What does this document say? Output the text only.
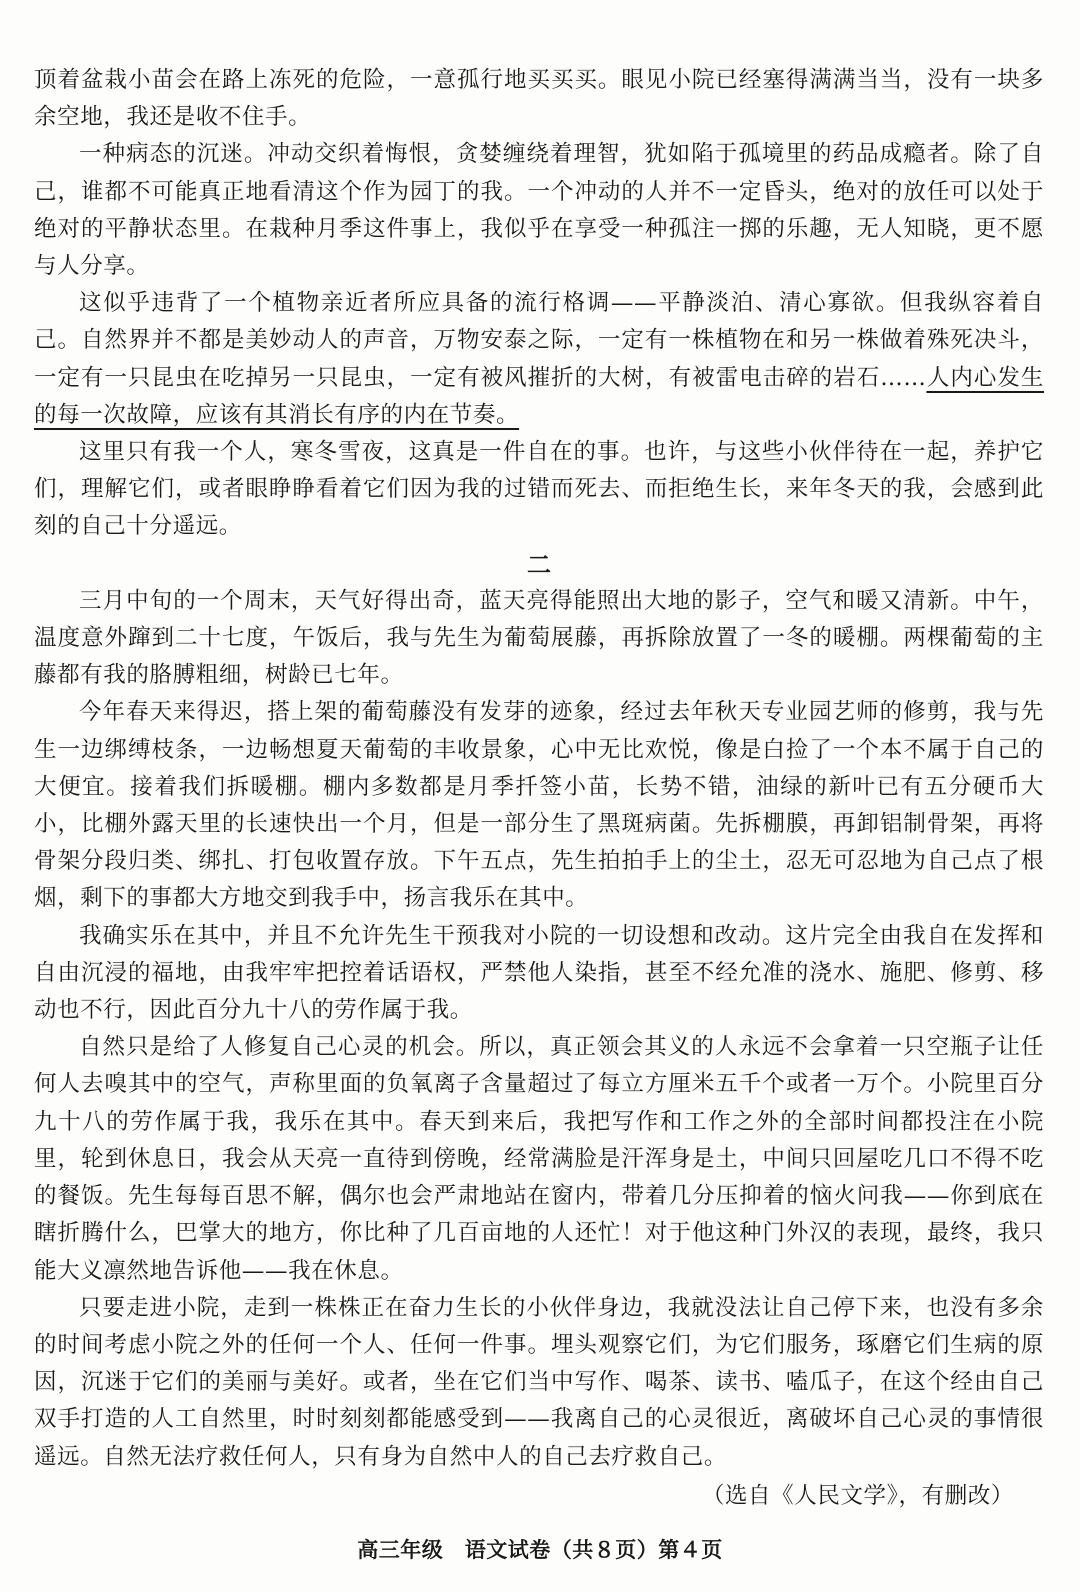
顶着盆栽小苗会在路上冻死的危险，一意孤行地买买买。眼见小院已经塞得满满当当，没有一块多余空地，我还是收不住手。

一种病态的沉迷。冲动交织着悔恨，贪婪缠绕着理智，犹如陷于孤境里的药品成瘾者。除了自己，谁都不可能真正地看清这个作为园丁的我。一个冲动的人并不一定昏头，绝对的放任可以处于绝对的平静状态里。在栽种月季这件事上，我似乎在享受一种孤注一掷的乐趣，无人知晓，更不愿与人分享。

这似乎违背了一个植物亲近者所应具备的流行格调——平静淡泊、清心寡欲。但我纵容着自己。自然界并不都是美妙动人的声音，万物安泰之际，一定有一株植物在和另一株做着殊死决斗，一定有一只昆虫在吃掉另一只昆虫，一定有被风摧折的大树，有被雷电击碎的岩石……人内心发生的每一次故障，应该有其消长有序的内在节奏。

这里只有我一个人，寒冬雪夜，这真是一件自在的事。也许，与这些小伙伴待在一起，养护它们，理解它们，或者眼睁睁看着它们因为我的过错而死去、而拒绝生长，来年冬天的我，会感到此刻的自己十分遥远。

二

三月中旬的一个周末，天气好得出奇，蓝天亮得能照出大地的影子，空气和暖又清新。中午，温度意外蹿到二十七度，午饭后，我与先生为葡萄展藤，再拆除放置了一冬的暖棚。两棵葡萄的主藤都有我的胳膊粗细，树龄已七年。

今年春天来得迟，搭上架的葡萄藤没有发芽的迹象，经过去年秋天专业园艺师的修剪，我与先生一边绑缚枝条，一边畅想夏天葡萄的丰收景象，心中无比欢悦，像是白捡了一个本不属于自己的大便宜。接着我们拆暖棚。棚内多数都是月季扦签小苗，长势不错，油绿的新叶已有五分硬币大小，比棚外露天里的长速快出一个月，但是一部分生了黑斑病菌。先拆棚膜，再卸铝制骨架，再将骨架分段归类、绑扎、打包收置存放。下午五点，先生拍拍手上的尘土，忍无可忍地为自己点了根烟，剩下的事都大方地交到我手中，扬言我乐在其中。

我确实乐在其中，并且不允许先生干预我对小院的一切设想和改动。这片完全由我自在发挥和自由沉浸的福地，由我牢牢把控着话语权，严禁他人染指，甚至不经允准的浇水、施肥、修剪、移动也不行，因此百分九十八的劳作属于我。

自然只是给了人修复自己心灵的机会。所以，真正领会其义的人永远不会拿着一只空瓶子让任何人去嗅其中的空气，声称里面的负氧离子含量超过了每立方厘米五千个或者一万个。小院里百分九十八的劳作属于我，我乐在其中。春天到来后，我把写作和工作之外的全部时间都投注在小院里，轮到休息日，我会从天亮一直待到傍晚，经常满脸是汗浑身是土，中间只回屋吃几口不得不吃的餐饭。先生每每百思不解，偶尔也会严肃地站在窗内，带着几分压抑着的恼火问我——你到底在瞎折腾什么，巴掌大的地方，你比种了几百亩地的人还忙！对于他这种门外汉的表现，最终，我只能大义凛然地告诉他——我在休息。

只要走进小院，走到一株株正在奋力生长的小伙伴身边，我就没法让自己停下来，也没有多余的时间考虑小院之外的任何一个人、任何一件事。埋头观察它们，为它们服务，琢磨它们生病的原因，沉迷于它们的美丽与美好。或者，坐在它们当中写作、喝茶、读书、嗑瓜子，在这个经由自己双手打造的人工自然里，时时刻刻都能感受到——我离自己的心灵很近，离破坏自己心灵的事情很遥远。自然无法疗救任何人，只有身为自然中人的自己去疗救自己。

（选自《人民文学》，有删改）

高三年级　语文试卷（共８页）第４页
